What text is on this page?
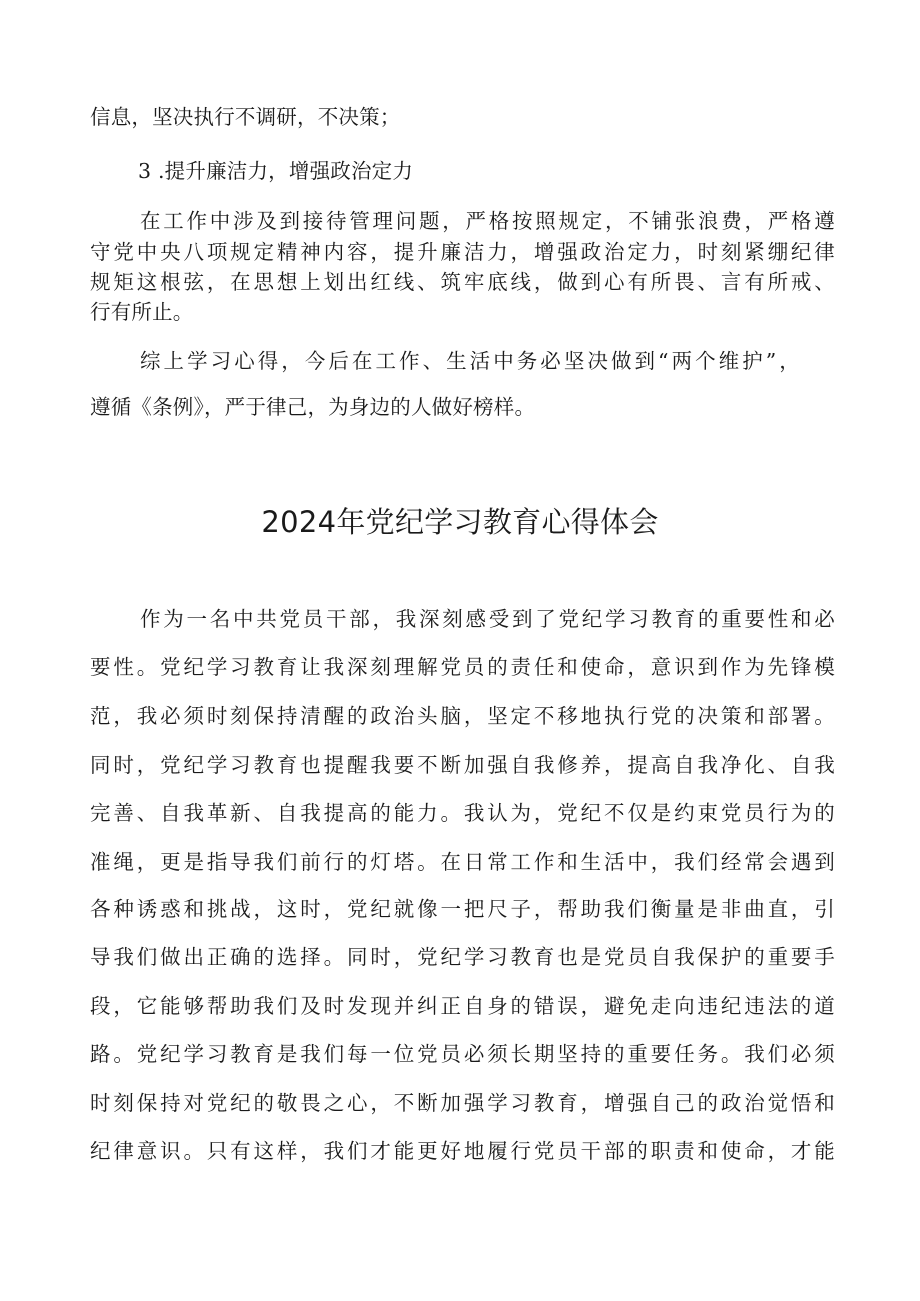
信息，坚决执行不调研，不决策；
3 .提升廉洁力，增强政治定力
在工作中涉及到接待管理问题，严格按照规定，不铺张浪费，严格遵
守党中央八项规定精神内容，提升廉洁力，增强政治定力，时刻紧绷纪律
规矩这根弦，在思想上划出红线、筑牢底线，做到心有所畏、言有所戒、
行有所止。
综上学习心得，今后在工作、生活中务必坚决做到“两个维护”，
遵循《条例》，严于律己，为身边的人做好榜样。
2024年党纪学习教育心得体会
作为一名中共党员干部，我深刻感受到了党纪学习教育的重要性和必
要性。党纪学习教育让我深刻理解党员的责任和使命，意识到作为先锋模
范，我必须时刻保持清醒的政治头脑，坚定不移地执行党的决策和部署。
同时，党纪学习教育也提醒我要不断加强自我修养，提高自我净化、自我
完善、自我革新、自我提高的能力。我认为，党纪不仅是约束党员行为的
准绳，更是指导我们前行的灯塔。在日常工作和生活中，我们经常会遇到
各种诱惑和挑战，这时，党纪就像一把尺子，帮助我们衡量是非曲直，引
导我们做出正确的选择。同时，党纪学习教育也是党员自我保护的重要手
段，它能够帮助我们及时发现并纠正自身的错误，避免走向违纪违法的道
路。党纪学习教育是我们每一位党员必须长期坚持的重要任务。我们必须
时刻保持对党纪的敬畏之心，不断加强学习教育，增强自己的政治觉悟和
纪律意识。只有这样，我们才能更好地履行党员干部的职责和使命，才能
